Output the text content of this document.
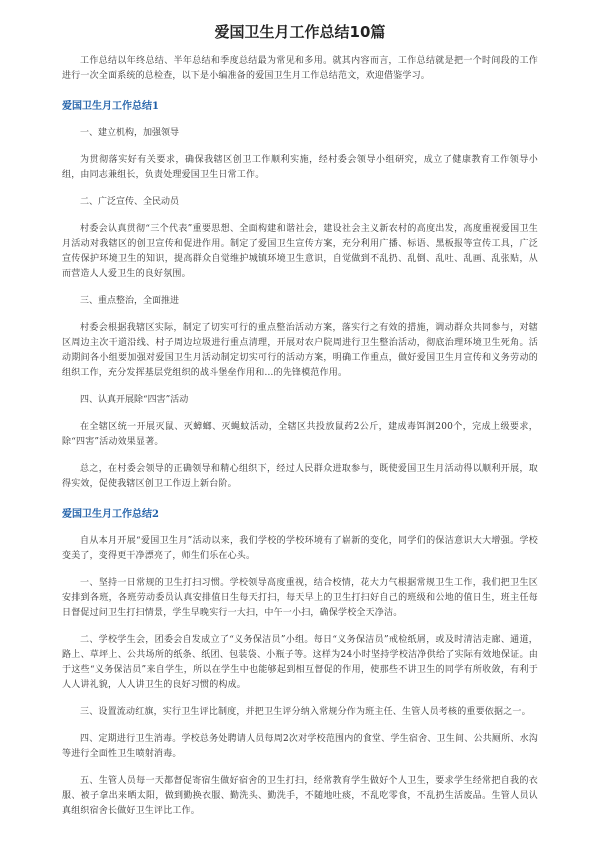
爱国卫生月工作总结10篇

工作总结以年终总结、半年总结和季度总结最为常见和多用。就其内容而言，工作总结就是把一个时间段的工作进行一次全面系统的总检查，以下是小编准备的爱国卫生月工作总结范文，欢迎借鉴学习。

爱国卫生月工作总结1

一、建立机构，加强领导

为贯彻落实好有关要求，确保我辖区创卫工作顺利实施，经村委会领导小组研究，成立了健康教育工作领导小组，由同志兼组长，负责处理爱国卫生日常工作。

二、广泛宣传、全民动员

村委会认真贯彻“三个代表”重要思想、全面构建和谐社会，建设社会主义新农村的高度出发，高度重视爱国卫生月活动对我辖区的创卫宣传和促进作用。制定了爱国卫生宣传方案，充分利用广播、标语、黑板报等宣传工具，广泛宣传保护环境卫生的知识，提高群众自觉维护城镇环境卫生意识，自觉做到不乱扔、乱倒、乱吐、乱画、乱张贴，从而营造人人爱卫生的良好氛围。

三、重点整治，全面推进

村委会根据我辖区实际，制定了切实可行的重点整治活动方案，落实行之有效的措施，调动群众共同参与，对辖区周边主次干道沿线、村子周边垃圾进行重点清理，开展对农户院周进行卫生整治活动，彻底治理环境卫生死角。活动期间各小组要加强对爱国卫生月活动制定切实可行的活动方案，明确工作重点，做好爱国卫生月宣传和义务劳动的组织工作，充分发挥基层党组织的战斗堡垒作用和…的先锋模范作用。

四、认真开展除“四害”活动

在全辖区统一开展灭鼠、灭蟑螂、灭蝇蚊活动，全辖区共投放鼠药2公斤，建成毒饵洞200个，完成上级要求，除“四害”活动效果显著。

总之，在村委会领导的正确领导和精心组织下，经过人民群众进取参与，既使爱国卫生月活动得以顺利开展，取得实效，促使我辖区创卫工作迈上新台阶。

爱国卫生月工作总结2

自从本月开展“爱国卫生月”活动以来，我们学校的学校环境有了崭新的变化，同学们的保洁意识大大增强。学校变美了，变得更干净漂亮了，师生们乐在心头。

一、坚持一日常规的卫生打扫习惯。学校领导高度重视，结合校情，花大力气根据常规卫生工作，我们把卫生区安排到各班，各班劳动委员认真安排值日生每天打扫，每天早上的卫生打扫好自己的班级和公地的值日生，班主任每日督促过问卫生打扫情景，学生早晚实行一大扫，中午一小扫，确保学校全天净洁。

二、学校学生会，团委会自发成立了“义务保洁员”小组。每日“义务保洁员”戒检纸屑，或及时清洁走廊、通道，路上、草坪上、公共场所的纸条、纸团、包装袋、小瓶子等。这样为24小时坚持学校洁净供给了实际有效地保证。由于这些“义务保洁员”来自学生，所以在学生中也能够起到相互督促的作用，使那些不讲卫生的同学有所收敛，有利于人人讲礼貌，人人讲卫生的良好习惯的构成。

三、设置流动红旗，实行卫生评比制度，并把卫生评分纳入常规分作为班主任、生管人员考核的重要依据之一。

四、定期进行卫生消毒。学校总务处聘请人员每周2次对学校范围内的食堂、学生宿舍、卫生间、公共厕所、水沟等进行全面性卫生喷射消毒。

五、生管人员每一天都督促寄宿生做好宿舍的卫生打扫，经常教育学生做好个人卫生，要求学生经常把自我的衣服、被子拿出来晒太阳，做到勤换衣服、勤洗头、勤洗手，不随地吐痰，不乱吃零食，不乱扔生活废品。生管人员认真组织宿舍长做好卫生评比工作。
